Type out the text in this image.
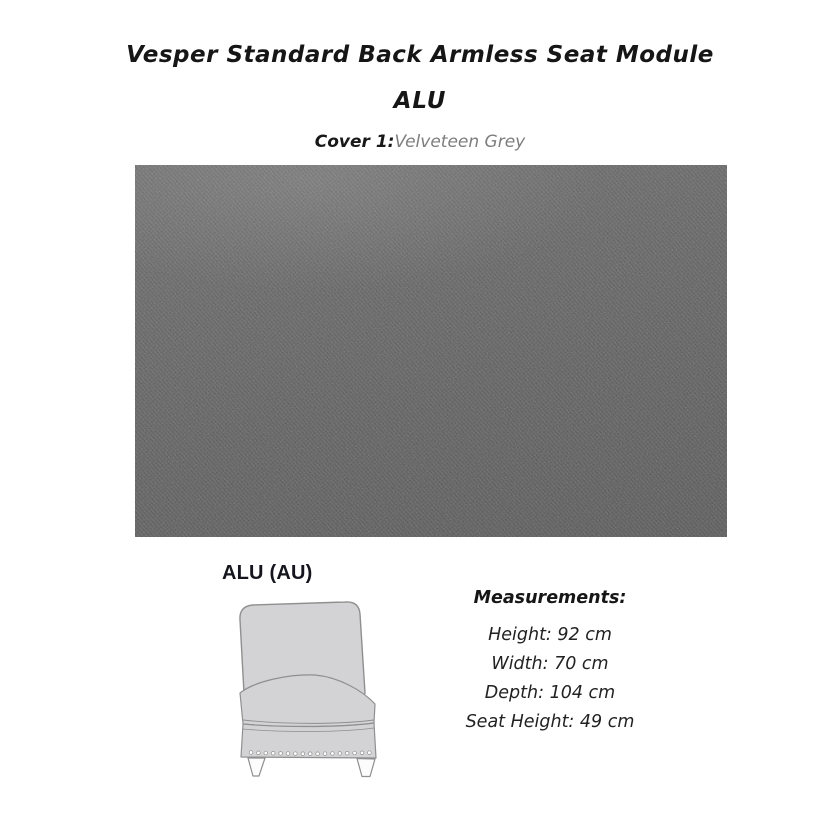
Vesper Standard Back Armless Seat Module
ALU
Cover 1:Velveteen Grey
ALU (AU)
Measurements:
Height: 92 cm
Width: 70 cm
Depth: 104 cm
Seat Height: 49 cm
